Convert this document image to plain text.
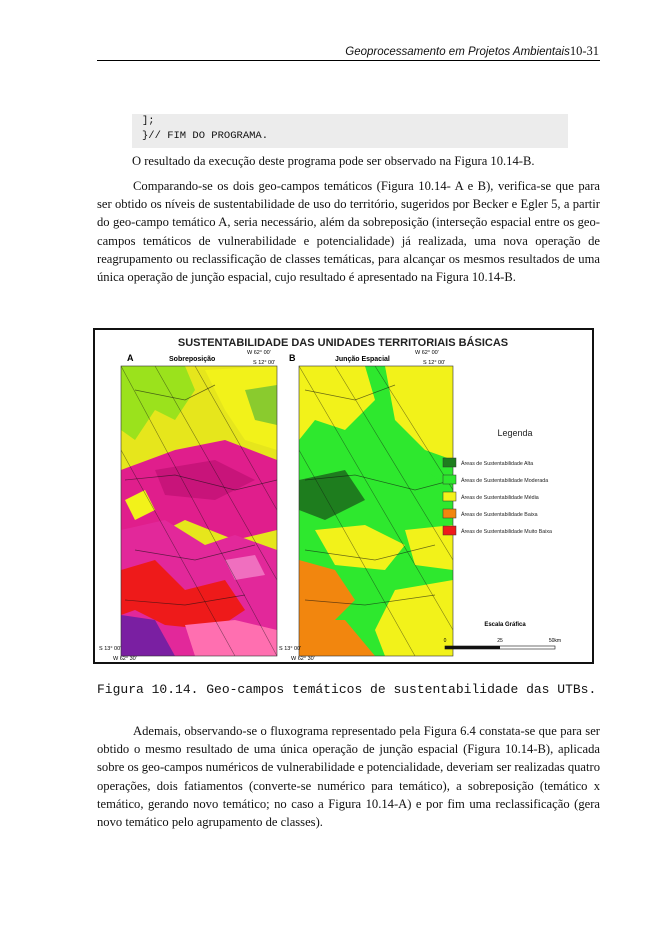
Geoprocessamento em Projetos Ambientais10-31
];
}// FIM DO PROGRAMA.
O resultado da execução deste programa pode ser observado na Figura 10.14-B.
Comparando-se os dois geo-campos temáticos (Figura 10.14- A e B), verifica-se que para ser obtido os níveis de sustentabilidade de uso do território, sugeridos por Becker e Egler 5, a partir do geo-campo temático A, seria necessário, além da sobreposição (interseção espacial entre os geo-campos temáticos de vulnerabilidade e potencialidade) já realizada, uma nova operação de reagrupamento ou reclassificação de classes temáticas, para alcançar os mesmos resultados de uma única operação de junção espacial, cujo resultado é apresentado na Figura 10.14-B.
SUSTENTABILIDADE DAS UNIDADES TERRITORIAIS BÁSICAS
A	Sobreposição
W 62° 00'
S 12° 00'
S 13° 00'
W 62° 30'
B	Junção Espacial
W 62° 00'
S 12° 00'
S 13° 00'
W 62° 30'
Legenda
Áreas de Sustentabilidade Alta
Áreas de Sustentabilidade Moderada
Áreas de Sustentabilidade Média
Áreas de Sustentabilidade Baixa
Áreas de Sustentabilidade Muito Baixa
Escala Gráfica
0	25	50km
Figura 10.14. Geo-campos temáticos de sustentabilidade das UTBs.
Ademais, observando-se o fluxograma representado pela Figura 6.4 constata-se que para ser obtido o mesmo resultado de uma única operação de junção espacial (Figura 10.14-B), aplicada sobre os geo-campos numéricos de vulnerabilidade e potencialidade, deveriam ser realizadas quatro operações, dois fatiamentos (converte-se numérico para temático), a sobreposição (temático x temático, gerando novo temático; no caso a Figura 10.14-A) e por fim uma reclassificação (gera novo temático pelo agrupamento de classes).
